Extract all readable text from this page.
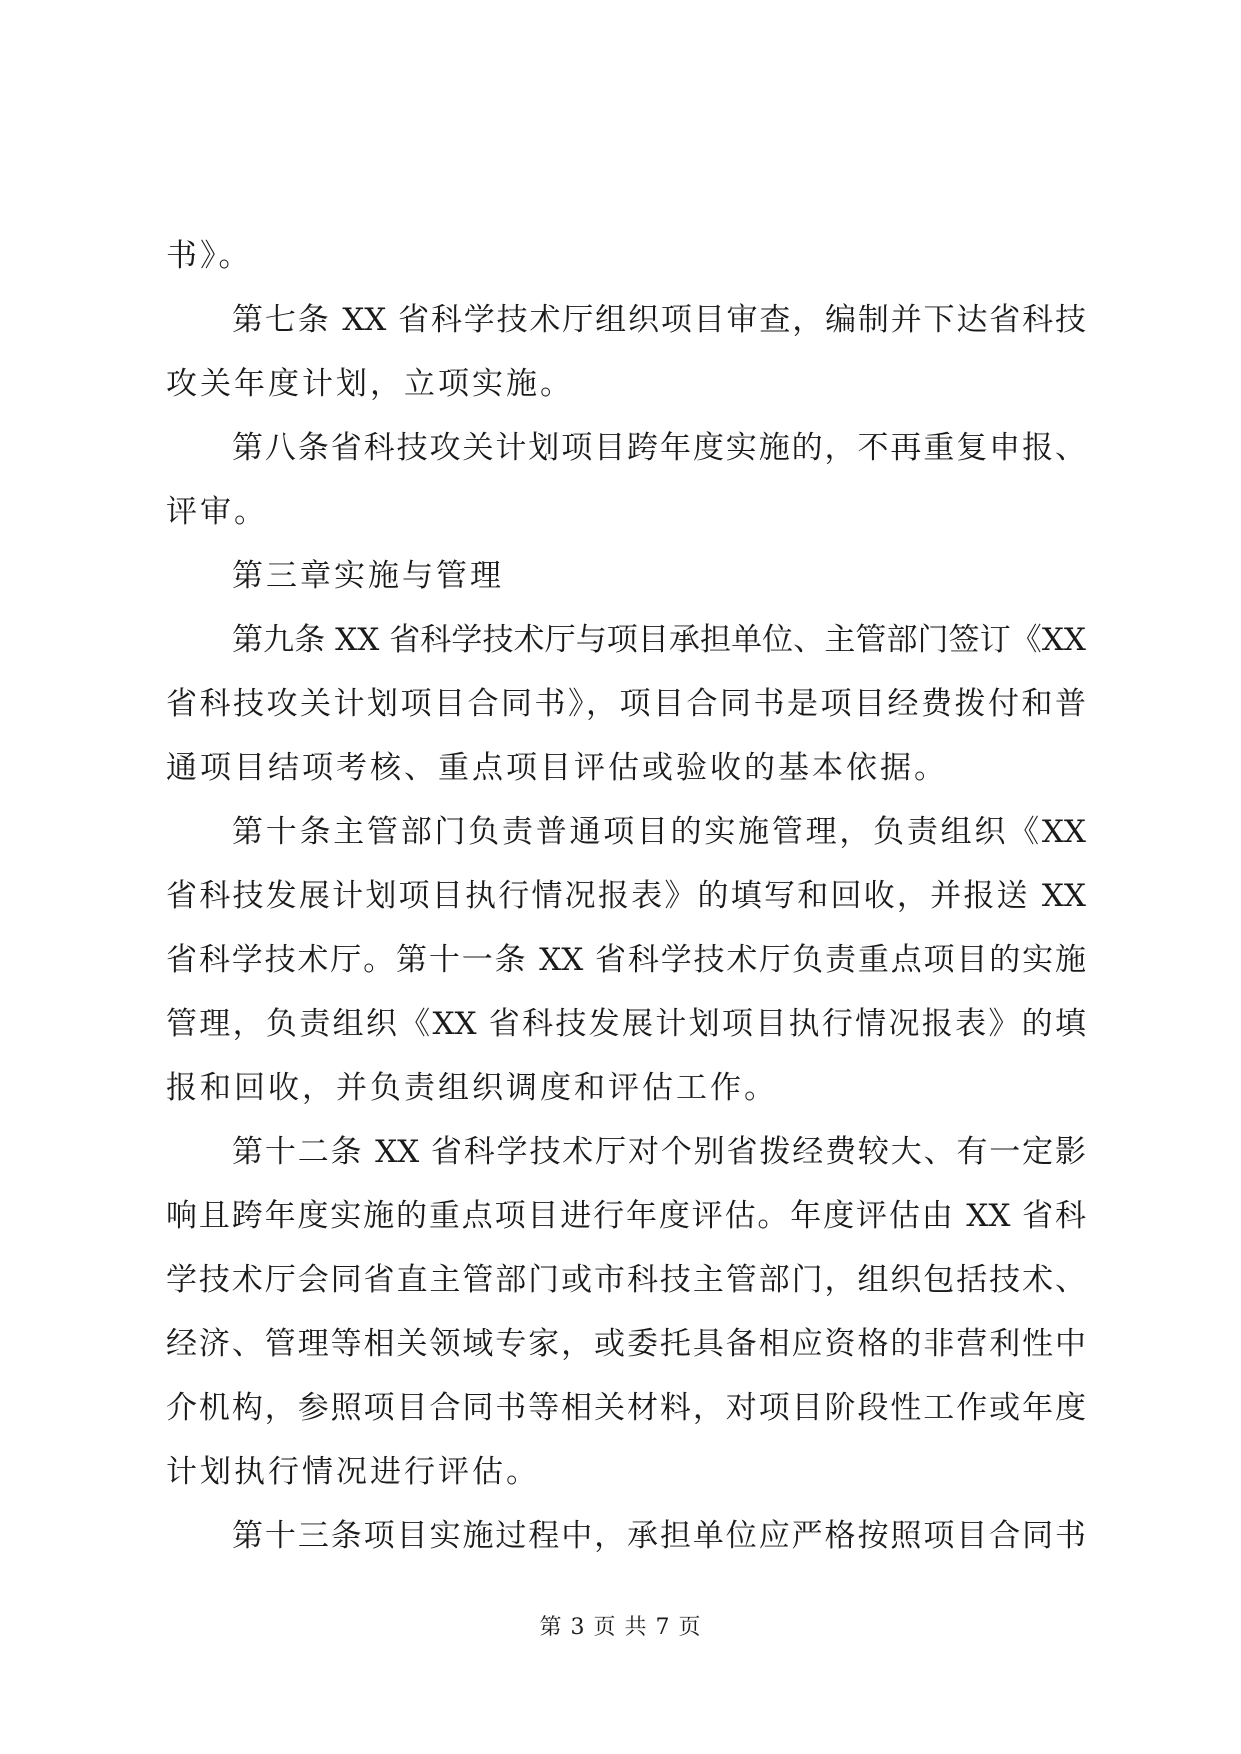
书》。
第七条 XX 省科学技术厅组织项目审查，编制并下达省科技
攻关年度计划，立项实施。
第八条省科技攻关计划项目跨年度实施的，不再重复申报、
评审。
第三章实施与管理
第九条 XX 省科学技术厅与项目承担单位、主管部门签订《XX
省科技攻关计划项目合同书》，项目合同书是项目经费拨付和普
通项目结项考核、重点项目评估或验收的基本依据。
第十条主管部门负责普通项目的实施管理，负责组织《XX
省科技发展计划项目执行情况报表》的填写和回收，并报送 XX
省科学技术厅。第十一条 XX 省科学技术厅负责重点项目的实施
管理，负责组织《XX 省科技发展计划项目执行情况报表》的填
报和回收，并负责组织调度和评估工作。
第十二条 XX 省科学技术厅对个别省拨经费较大、有一定影
响且跨年度实施的重点项目进行年度评估。年度评估由 XX 省科
学技术厅会同省直主管部门或市科技主管部门，组织包括技术、
经济、管理等相关领域专家，或委托具备相应资格的非营利性中
介机构，参照项目合同书等相关材料，对项目阶段性工作或年度
计划执行情况进行评估。
第十三条项目实施过程中，承担单位应严格按照项目合同书
第 3 页 共 7 页
